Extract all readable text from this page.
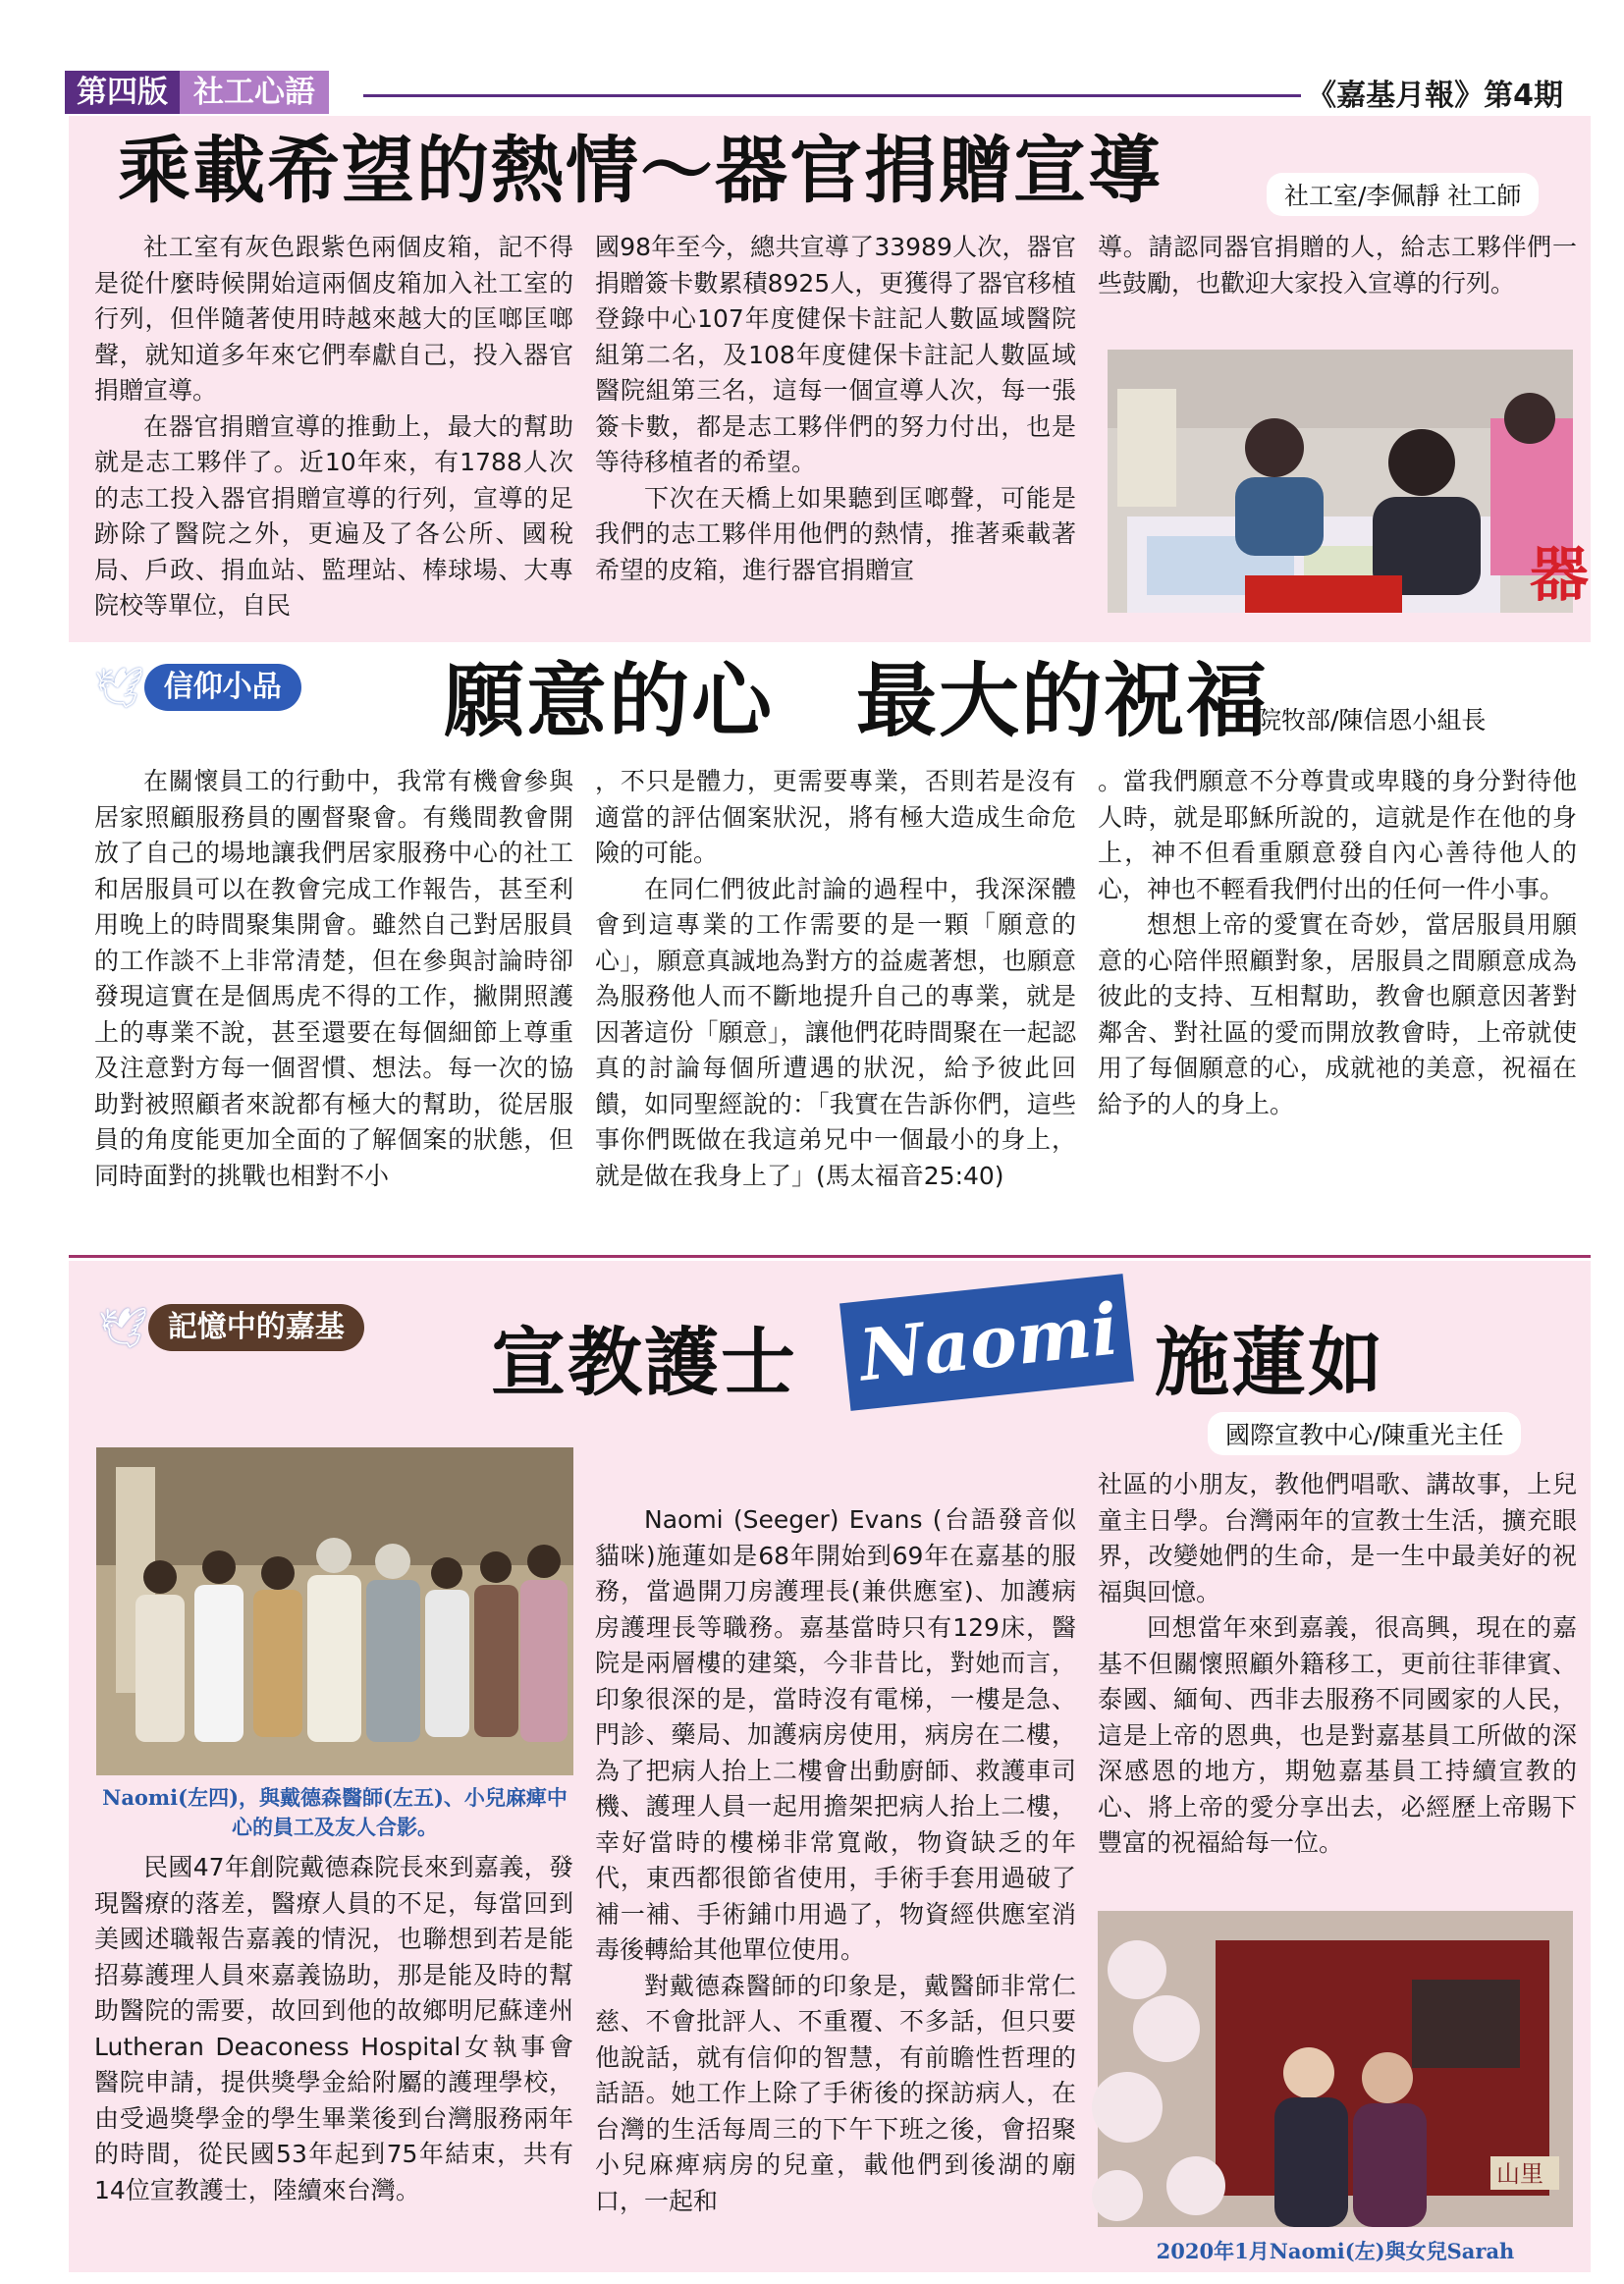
第四版 社工心語	《嘉基月報》第4期
乘載希望的熱情～器官捐贈宣導	社工室/李佩靜 社工師

社工室有灰色跟紫色兩個皮箱，記不得是從什麼時候開始這兩個皮箱加入社工室的行列，但伴隨著使用時越來越大的匡啷匡啷聲，就知道多年來它們奉獻自己，投入器官捐贈宣導。

在器官捐贈宣導的推動上，最大的幫助就是志工夥伴了。近10年來，有1788人次的志工投入器官捐贈宣導的行列，宣導的足跡除了醫院之外，更遍及了各公所、國稅局、戶政、捐血站、監理站、棒球場、大專院校等單位，自民

國98年至今，總共宣導了33989人次，器官捐贈簽卡數累積8925人，更獲得了器官移植登錄中心107年度健保卡註記人數區域醫院組第二名，及108年度健保卡註記人數區域醫院組第三名，這每一個宣導人次，每一張簽卡數，都是志工夥伴們的努力付出，也是等待移植者的希望。

下次在天橋上如果聽到匡啷聲，可能是我們的志工夥伴用他們的熱情，推著乘載著希望的皮箱，進行器官捐贈宣

導。請認同器官捐贈的人，給志工夥伴們一些鼓勵，也歡迎大家投入宣導的行列。

器
🕊 信仰小品 願意的心　最大的祝福
院牧部/陳信恩小組長

在關懷員工的行動中，我常有機會參與居家照顧服務員的團督聚會。有幾間教會開放了自己的場地讓我們居家服務中心的社工和居服員可以在教會完成工作報告，甚至利用晚上的時間聚集開會。雖然自己對居服員的工作談不上非常清楚，但在參與討論時卻發現這實在是個馬虎不得的工作，撇開照護上的專業不說，甚至還要在每個細節上尊重及注意對方每一個習慣、想法。每一次的協助對被照顧者來說都有極大的幫助，從居服員的角度能更加全面的了解個案的狀態，但同時面對的挑戰也相對不小

，不只是體力，更需要專業，否則若是沒有適當的評估個案狀況，將有極大造成生命危險的可能。

在同仁們彼此討論的過程中，我深深體會到這專業的工作需要的是一顆「願意的心」，願意真誠地為對方的益處著想，也願意為服務他人而不斷地提升自己的專業，就是因著這份「願意」，讓他們花時間聚在一起認真的討論每個所遭遇的狀況，給予彼此回饋，如同聖經說的：「我實在告訴你們，這些事你們既做在我這弟兄中一個最小的身上，就是做在我身上了」(馬太福音25:40)

。當我們願意不分尊貴或卑賤的身分對待他人時，就是耶穌所說的，這就是作在他的身上，神不但看重願意發自內心善待他人的心，神也不輕看我們付出的任何一件小事。

想想上帝的愛實在奇妙，當居服員用願意的心陪伴照顧對象，居服員之間願意成為彼此的支持、互相幫助，教會也願意因著對鄰舍、對社區的愛而開放教會時，上帝就使用了每個願意的心，成就祂的美意，祝福在給予的人的身上。

🕊 記憶中的嘉基 宣教護士 Naomi 施蓮如
國際宣教中心/陳重光主任
Naomi(左四)，與戴德森醫師(左五)、小兒麻痺中心的員工及友人合影。

民國47年創院戴德森院長來到嘉義，發現醫療的落差，醫療人員的不足，每當回到美國述職報告嘉義的情況，也聯想到若是能招募護理人員來嘉義協助，那是能及時的幫助醫院的需要，故回到他的故鄉明尼蘇達州Lutheran Deaconess Hospital女執事會醫院申請，提供獎學金給附屬的護理學校，由受過獎學金的學生畢業後到台灣服務兩年的時間，從民國53年起到75年結束，共有14位宣教護士，陸續來台灣。

Naomi (Seeger) Evans (台語發音似貓咪)施蓮如是68年開始到69年在嘉基的服務，當過開刀房護理長(兼供應室)、加護病房護理長等職務。嘉基當時只有129床，醫院是兩層樓的建築，今非昔比，對她而言，印象很深的是，當時沒有電梯，一樓是急、門診、藥局、加護病房使用，病房在二樓，為了把病人抬上二樓會出動廚師、救護車司機、護理人員一起用擔架把病人抬上二樓，幸好當時的樓梯非常寬敞，物資缺乏的年代，東西都很節省使用，手術手套用過破了補一補、手術鋪巾用過了，物資經供應室消毒後轉給其他單位使用。

對戴德森醫師的印象是，戴醫師非常仁慈、不會批評人、不重覆、不多話，但只要他說話，就有信仰的智慧，有前瞻性哲理的話語。她工作上除了手術後的探訪病人，在台灣的生活每周三的下午下班之後，會招聚小兒麻痺病房的兒童，載他們到後湖的廟口，一起和

社區的小朋友，教他們唱歌、講故事，上兒童主日學。台灣兩年的宣教士生活，擴充眼界，改變她們的生命，是一生中最美好的祝福與回憶。

回想當年來到嘉義，很高興，現在的嘉基不但關懷照顧外籍移工，更前往菲律賓、泰國、緬甸、西非去服務不同國家的人民，這是上帝的恩典，也是對嘉基員工所做的深深感恩的地方，期勉嘉基員工持續宣教的心、將上帝的愛分享出去，必經歷上帝賜下豐富的祝福給每一位。

山里
2020年1月Naomi(左)與女兒Sarah
